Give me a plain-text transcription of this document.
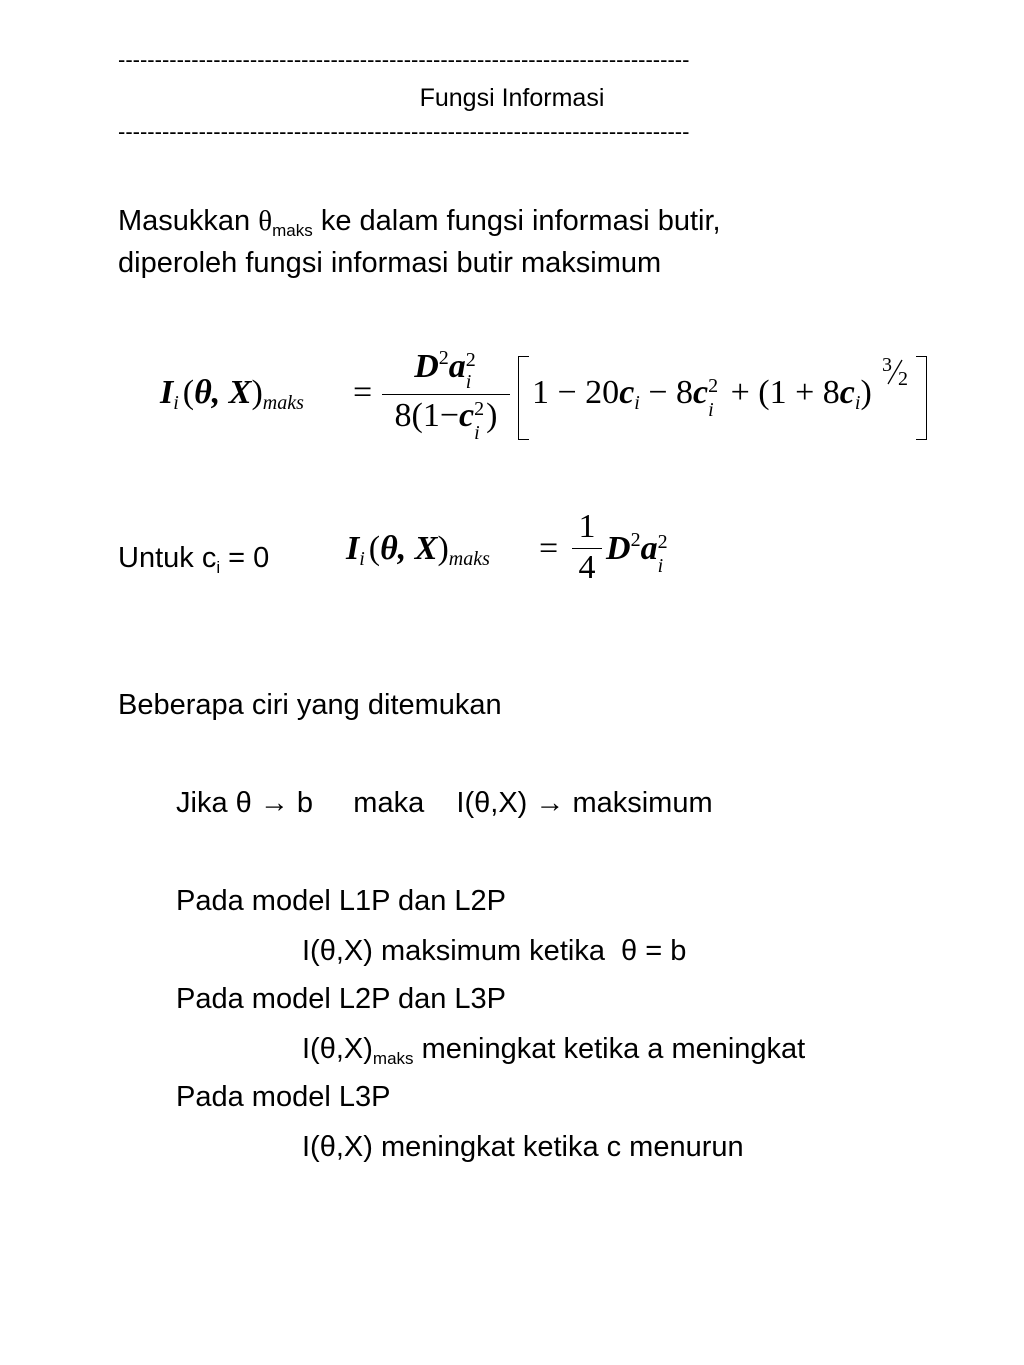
------------------------------------------------------------------------------
Fungsi Informasi
------------------------------------------------------------------------------
Masukkan $\theta_{maks}$ ke dalam fungsi informasi butir,
diperoleh fungsi informasi butir maksimum
$I_i$ (θ, $X)_{maks} = D^2a$ 2
i
8(1−c 2
i ) $1 - 20c_i - 8c$ 2
$i + (1 + 8c_i)$
3
2
Untuk $c_i = 0$ $I_i$ (θ, $X)_{maks} = \frac{1}{4} D^2a$ 2
i
Beberapa ciri yang ditemukan
Jika θ → b     maka    I(θ,X) → maksimum
Pada model L1P dan L2P
I(θ,X) maksimum ketika  θ = b
Pada model L2P dan L3P
$I(\theta,X)_{maks}$ meningkat ketika a meningkat
Pada model L3P
I(θ,X) meningkat ketika c menurun
